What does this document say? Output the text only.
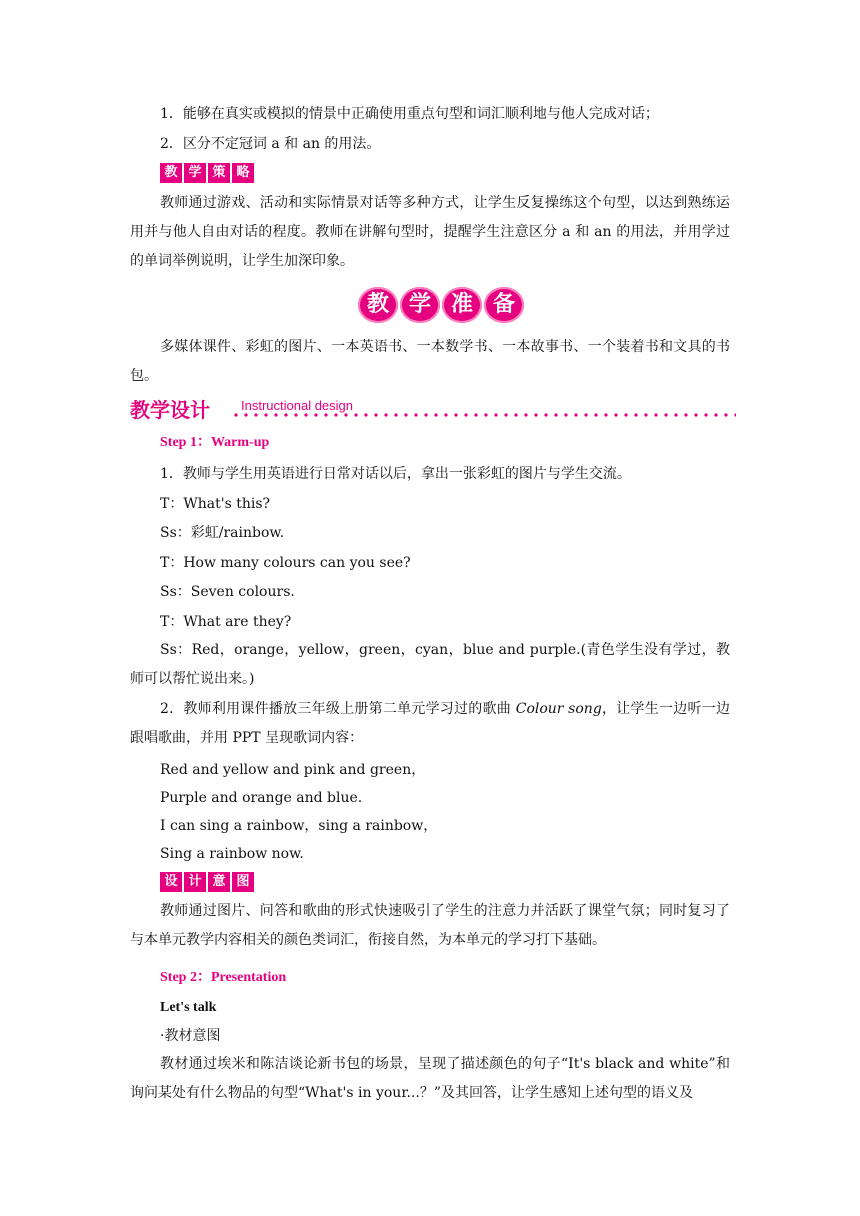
1．能够在真实或模拟的情景中正确使用重点句型和词汇顺利地与他人完成对话；
2．区分不定冠词 a 和 an 的用法。
教 学 策 略
教师通过游戏、活动和实际情景对话等多种方式，让学生反复操练这个句型，以达到熟练运用并与他人自由对话的程度。教师在讲解句型时，提醒学生注意区分 a 和 an 的用法，并用学过的单词举例说明，让学生加深印象。
教 学 准 备
多媒体课件、彩虹的图片、一本英语书、一本数学书、一本故事书、一个装着书和文具的书包。
教学设计 Instructional design
Step 1：Warm-up
1．教师与学生用英语进行日常对话以后，拿出一张彩虹的图片与学生交流。
T：What's this?
Ss：彩虹/rainbow.
T：How many colours can you see?
Ss：Seven colours.
T：What are they?
Ss：Red，orange，yellow，green，cyan，blue and purple.(青色学生没有学过，教师可以帮忙说出来。)
2．教师利用课件播放三年级上册第二单元学习过的歌曲 Colour song，让学生一边听一边跟唱歌曲，并用 PPT 呈现歌词内容：
Red and yellow and pink and green，
Purple and orange and blue.
I can sing a rainbow，sing a rainbow，
Sing a rainbow now.
设 计 意 图
教师通过图片、问答和歌曲的形式快速吸引了学生的注意力并活跃了课堂气氛；同时复习了与本单元教学内容相关的颜色类词汇，衔接自然，为本单元的学习打下基础。
Step 2：Presentation
Let's talk
·教材意图
教材通过埃米和陈洁谈论新书包的场景，呈现了描述颜色的句子“It's black and white”和询问某处有什么物品的句型“What's in your...？”及其回答，让学生感知上述句型的语义及
